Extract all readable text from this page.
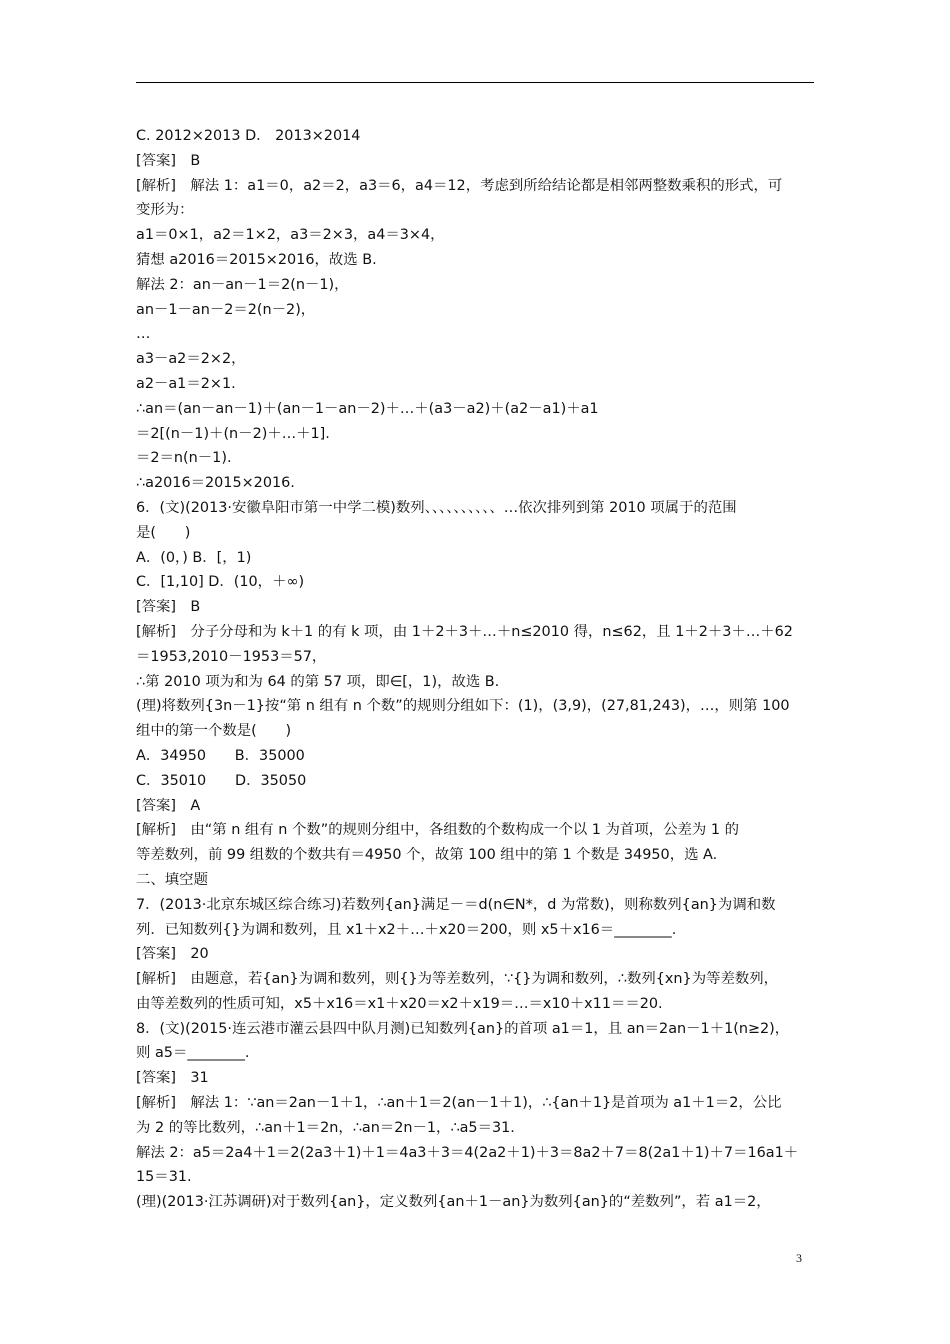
C. 2012×2013 D． 2013×2014
[答案]　B
[解析]　解法 1：a1＝0，a2＝2，a3＝6，a4＝12，考虑到所给结论都是相邻两整数乘积的形式，可
变形为：
a1＝0×1，a2＝1×2，a3＝2×3，a4＝3×4，
猜想 a2016＝2015×2016，故选 B.
解法 2：an－an－1＝2(n－1)，
an－1－an－2＝2(n－2)，
…
a3－a2＝2×2，
a2－a1＝2×1.
∴an＝(an－an－1)＋(an－1－an－2)＋…＋(a3－a2)＋(a2－a1)＋a1
＝2[(n－1)＋(n－2)＋…＋1].
＝2＝n(n－1).
∴a2016＝2015×2016.
6．(文)(2013·安徽阜阳市第一中学二模)数列、、、、、、、、、、…依次排列到第 2010 项属于的范围
是(　　)
A．(0，) B．[，1)
C．[1,10] D．(10，＋∞)
[答案]　B
[解析]　分子分母和为 k＋1 的有 k 项，由 1＋2＋3＋…＋n≤2010 得，n≤62，且 1＋2＋3＋…＋62
＝1953,2010－1953＝57，
∴第 2010 项为和为 64 的第 57 项，即∈[，1)，故选 B.
(理)将数列{3n－1}按“第 n 组有 n 个数”的规则分组如下：(1)，(3,9)，(27,81,243)，…，则第 100
组中的第一个数是(　　)
A．34950　　B．35000
C．35010　　D．35050
[答案]　A
[解析]　由“第 n 组有 n 个数”的规则分组中，各组数的个数构成一个以 1 为首项，公差为 1 的
等差数列，前 99 组数的个数共有＝4950 个，故第 100 组中的第 1 个数是 34950，选 A.
二、填空题
7．(2013·北京东城区综合练习)若数列{an}满足－＝d(n∈N*，d 为常数)，则称数列{an}为调和数
列．已知数列{}为调和数列，且 x1＋x2＋…＋x20＝200，则 x5＋x16＝________.
[答案]　20
[解析]　由题意，若{an}为调和数列，则{}为等差数列，∵{}为调和数列，∴数列{xn}为等差数列，
由等差数列的性质可知，x5＋x16＝x1＋x20＝x2＋x19＝…＝x10＋x11＝＝20.
8．(文)(2015·连云港市灌云县四中队月测)已知数列{an}的首项 a1＝1，且 an＝2an－1＋1(n≥2)，
则 a5＝________.
[答案]　31
[解析]　解法 1：∵an＝2an－1＋1，∴an＋1＝2(an－1＋1)，∴{an＋1}是首项为 a1＋1＝2，公比
为 2 的等比数列，∴an＋1＝2n，∴an＝2n－1，∴a5＝31.
解法 2：a5＝2a4＋1＝2(2a3＋1)＋1＝4a3＋3＝4(2a2＋1)＋3＝8a2＋7＝8(2a1＋1)＋7＝16a1＋
15＝31.
(理)(2013·江苏调研)对于数列{an}，定义数列{an＋1－an}为数列{an}的“差数列”，若 a1＝2，
3
